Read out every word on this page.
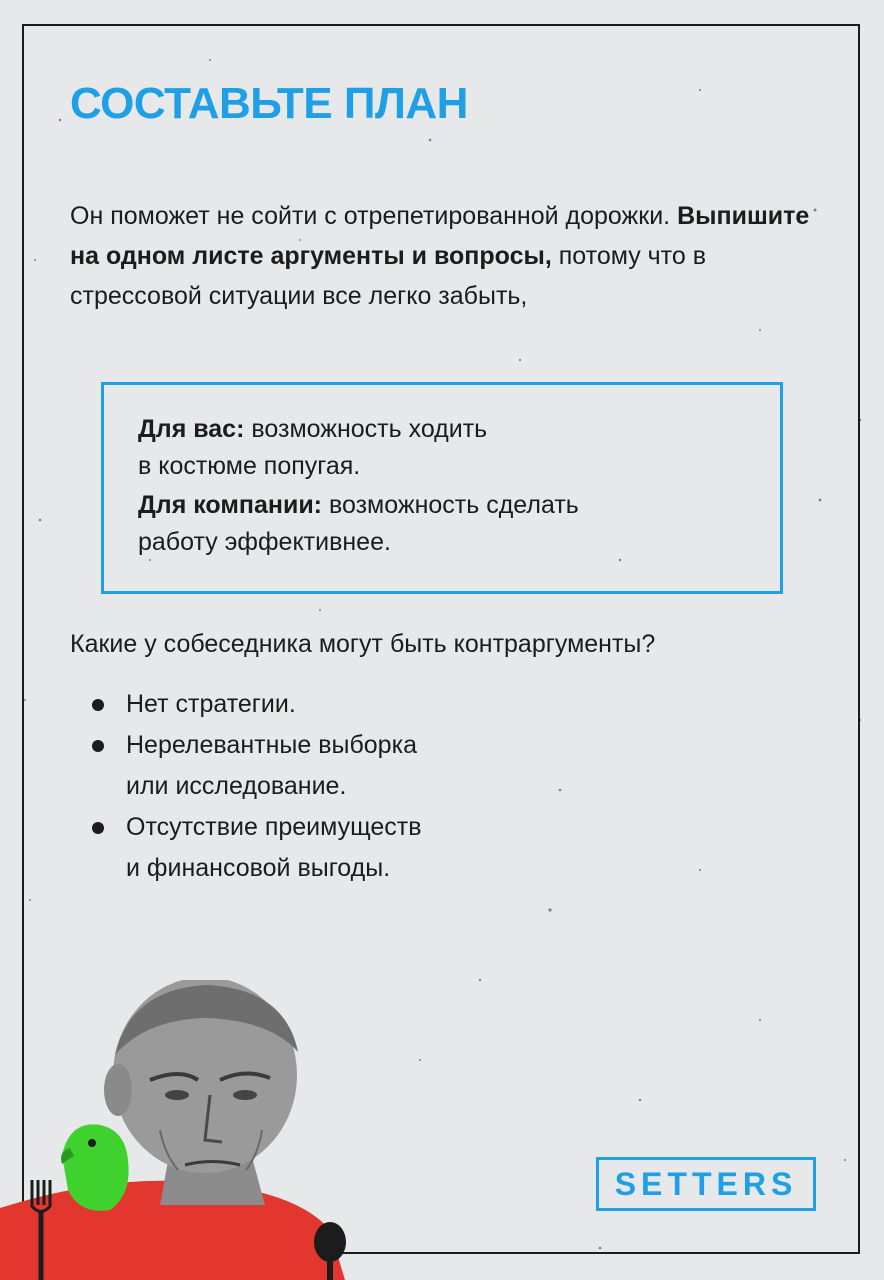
СОСТАВЬТЕ ПЛАН

Он поможет не сойти с отрепетированной дорожки. Выпишите на одном листе аргументы и вопросы, потому что в стрессовой ситуации все легко забыть,

Для вас: возможность ходить

в костюме попугая.

Для компании: возможность сделать

работу эффективнее.

Какие у собеседника могут быть контраргументы?

Нет стратегии.
Нерелевантные выборка
или исследование.
Отсутствие преимуществ
и финансовой выгоды.
SETTERS
